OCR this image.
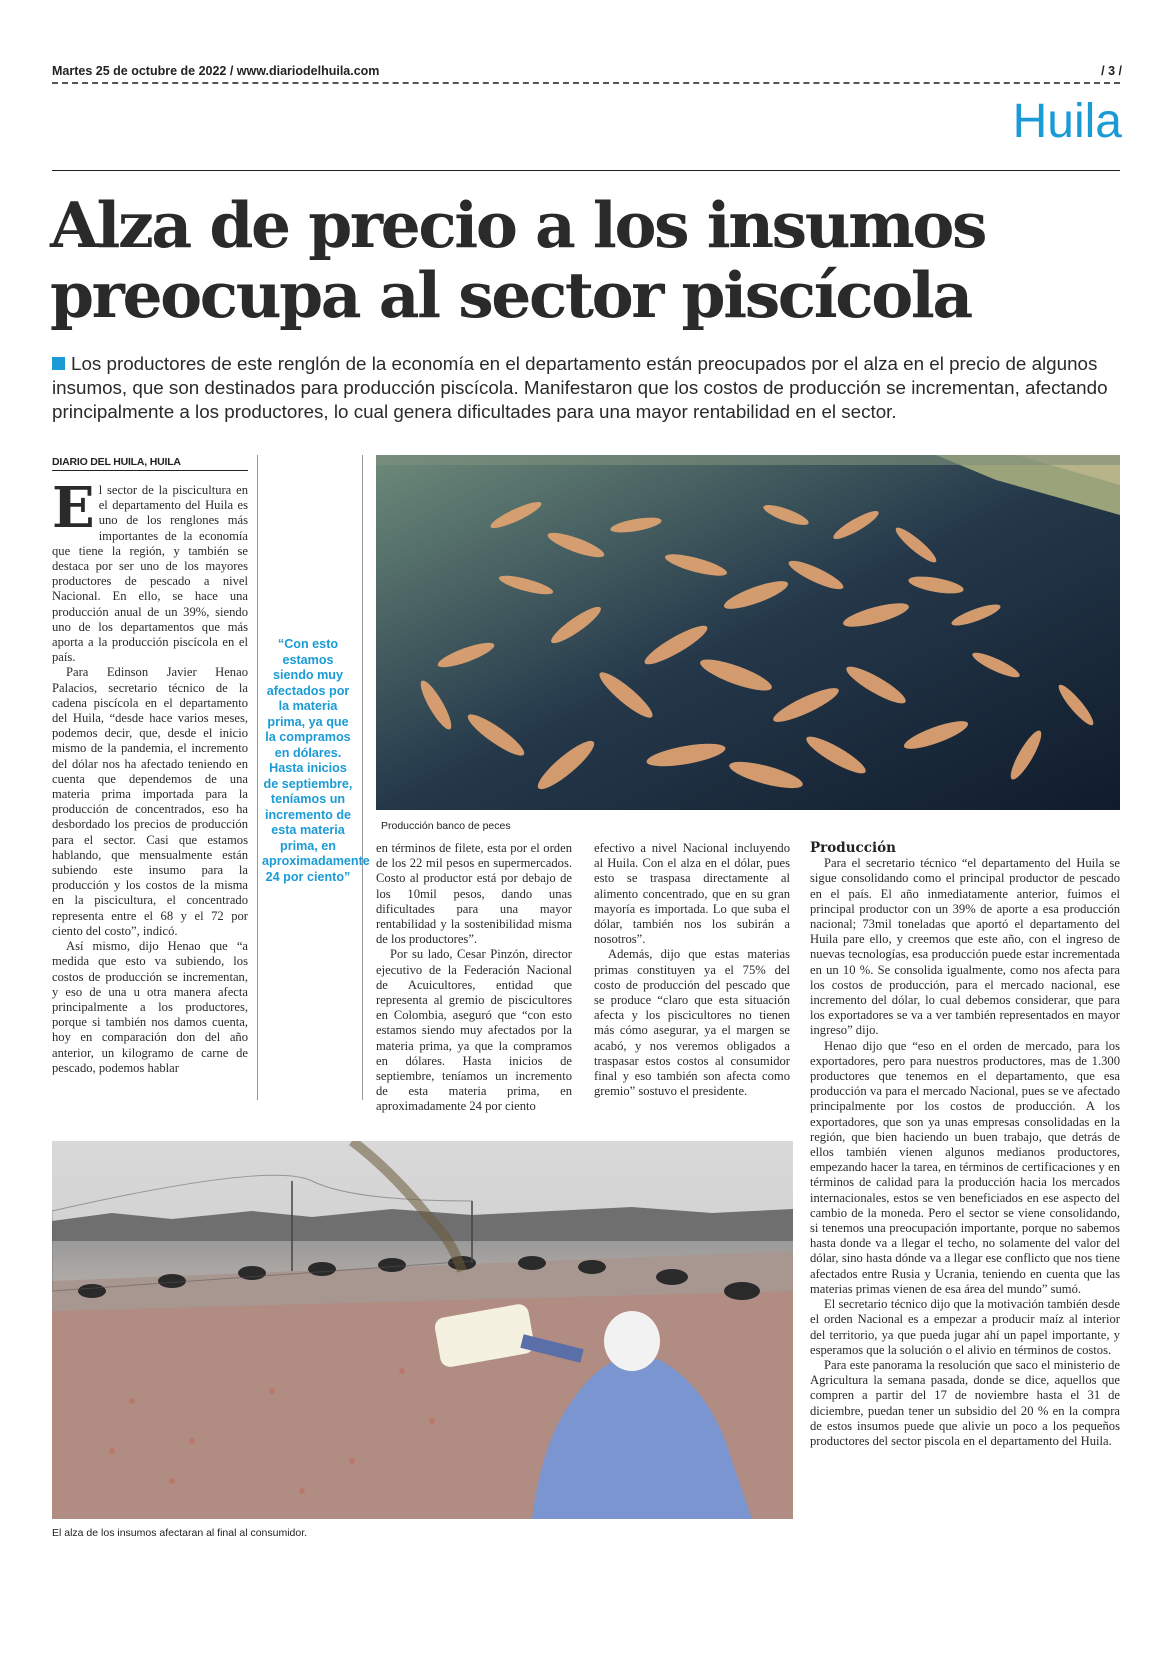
Martes 25 de octubre de 2022 / www.diariodelhuila.com	/ 3 /
Huila
Alza de precio a los insumos
preocupa al sector piscícola

Los productores de este renglón de la economía en el departamento están preocupados por el alza en el precio de algunos insumos, que son destinados para producción piscícola. Manifestaron que los costos de producción se incrementan, afectando principalmente a los productores, lo cual genera dificultades para una mayor rentabilidad en el sector.

DIARIO DEL HUILA, HUILA

El sector de la piscicultura en el departamento del Huila es uno de los renglones más importantes de la economía que tiene la región, y también se destaca por ser uno de los mayores productores de pescado a nivel Nacional. En ello, se hace una producción anual de un 39%, siendo uno de los departamentos que más aporta a la producción piscícola en el país.

Para Edinson Javier Henao Palacios, secretario técnico de la cadena piscícola en el departamento del Huila, “desde hace varios meses, podemos decir, que, desde el inicio mismo de la pandemia, el incremento del dólar nos ha afectado teniendo en cuenta que dependemos de una materia prima importada para la producción de concentrados, eso ha desbordado los precios de producción para el sector. Casi que estamos hablando, que mensualmente están subiendo este insumo para la producción y los costos de la misma en la piscicultura, el concentrado representa entre el 68 y el 72 por ciento del costo”, indicó.

Así mismo, dijo Henao que “a medida que esto va subiendo, los costos de producción se incrementan, y eso de una u otra manera afecta principalmente a los productores, porque si también nos damos cuenta, hoy en comparación don del año anterior, un kilogramo de carne de pescado, podemos hablar

“Con esto estamos siendo muy afectados por la materia prima, ya que la compramos en dólares. Hasta inicios de septiembre, teníamos un incremento de esta materia prima, en aproximadamente 24 por ciento”

Producción banco de peces

en términos de filete, esta por el orden de los 22 mil pesos en supermercados. Costo al productor está por debajo de los 10mil pesos, dando unas dificultades para una mayor rentabilidad y la sostenibilidad misma de los productores”.

Por su lado, Cesar Pinzón, director ejecutivo de la Federación Nacional de Acuicultores, entidad que representa al gremio de piscicultores en Colombia, aseguró que “con esto estamos siendo muy afectados por la materia prima, ya que la compramos en dólares. Hasta inicios de septiembre, teníamos un incremento de esta materia prima, en aproximadamente 24 por ciento

efectivo a nivel Nacional incluyendo al Huila. Con el alza en el dólar, pues esto se traspasa directamente al alimento concentrado, que en su gran mayoría es importada. Lo que suba el dólar, también nos los subirán a nosotros”.

Además, dijo que estas materias primas constituyen ya el 75% del costo de producción del pescado que se produce “claro que esta situación afecta y los piscicultores no tienen más cómo asegurar, ya el margen se acabó, y nos veremos obligados a traspasar estos costos al consumidor final y eso también son afecta como gremio” sostuvo el presidente.

Producción

Para el secretario técnico “el departamento del Huila se sigue consolidando como el principal productor de pescado en el país. El año inmediatamente anterior, fuimos el principal productor con un 39% de aporte a esa producción nacional; 73mil toneladas que aportó el departamento del Huila pare ello, y creemos que este año, con el ingreso de nuevas tecnologías, esa producción puede estar incrementada en un 10 %. Se consolida igualmente, como nos afecta para los costos de producción, para el mercado nacional, ese incremento del dólar, lo cual debemos considerar, que para los exportadores se va a ver también representados en mayor ingreso” dijo.

Henao dijo que “eso en el orden de mercado, para los exportadores, pero para nuestros productores, mas de 1.300 productores que tenemos en el departamento, que esa producción va para el mercado Nacional, pues se ve afectado principalmente por los costos de producción. A los exportadores, que son ya unas empresas consolidadas en la región, que bien haciendo un buen trabajo, que detrás de ellos también vienen algunos medianos productores, empezando hacer la tarea, en términos de certificaciones y en términos de calidad para la producción hacia los mercados internacionales, estos se ven beneficiados en ese aspecto del cambio de la moneda. Pero el sector se viene consolidando, si tenemos una preocupación importante, porque no sabemos hasta donde va a llegar el techo, no solamente del valor del dólar, sino hasta dónde va a llegar ese conflicto que nos tiene afectados entre Rusia y Ucrania, teniendo en cuenta que las materias primas vienen de esa área del mundo” sumó.

El secretario técnico dijo que la motivación también desde el orden Nacional es a empezar a producir maíz al interior del territorio, ya que pueda jugar ahí un papel importante, y esperamos que la solución o el alivio en términos de costos.

Para este panorama la resolución que saco el ministerio de Agricultura la semana pasada, donde se dice, aquellos que compren a partir del 17 de noviembre hasta el 31 de diciembre, puedan tener un subsidio del 20 % en la compra de estos insumos puede que alivie un poco a los pequeños productores del sector piscola en el departamento del Huila.

El alza de los insumos afectaran al final al consumidor.
